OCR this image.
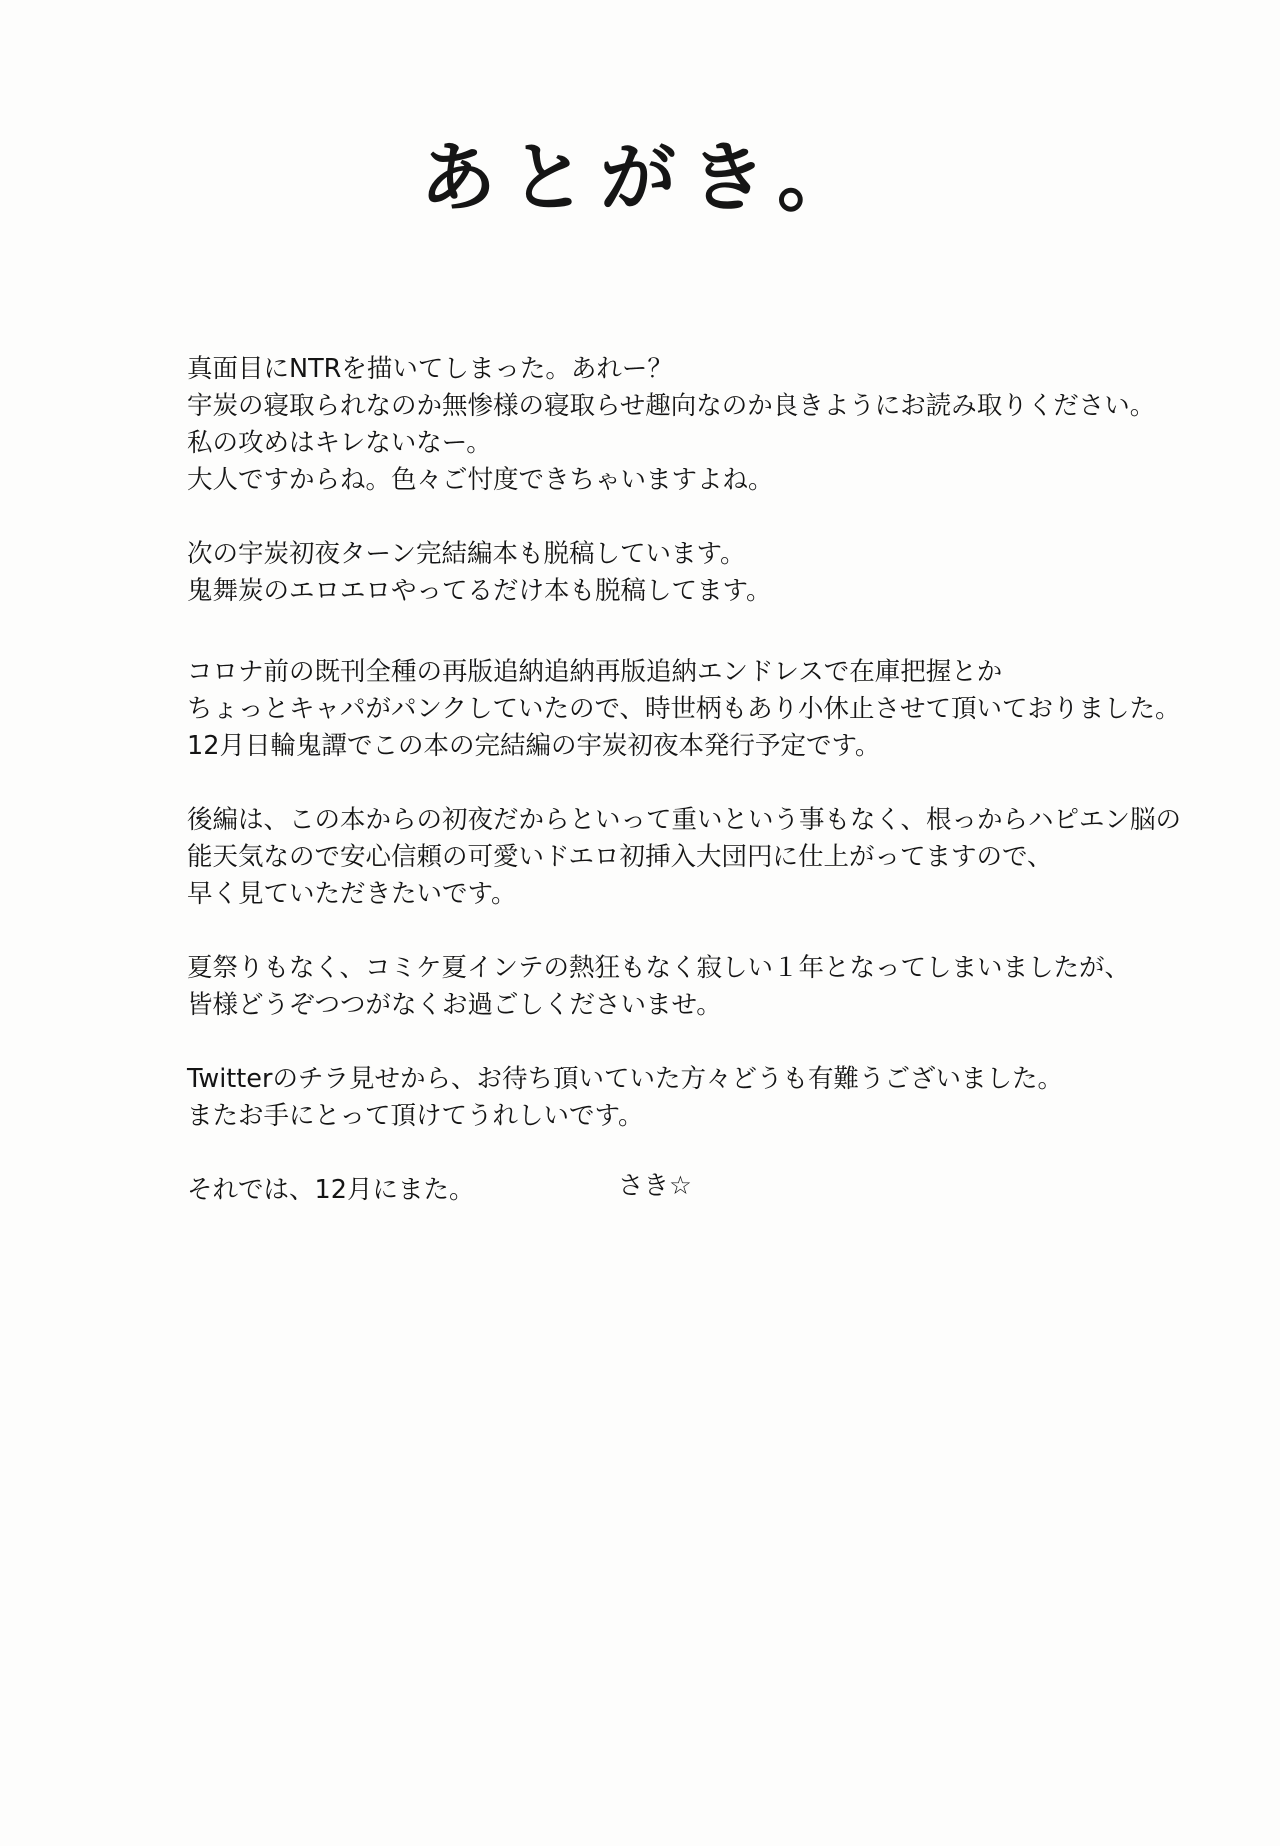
あとがき。
真面目にNTRを描いてしまった。あれー？
宇炭の寝取られなのか無惨様の寝取らせ趣向なのか良きようにお読み取りください。
私の攻めはキレないなー。
大人ですからね。色々ご忖度できちゃいますよね。
次の宇炭初夜ターン完結編本も脱稿しています。
鬼舞炭のエロエロやってるだけ本も脱稿してます。
コロナ前の既刊全種の再版追納追納再版追納エンドレスで在庫把握とか
ちょっとキャパがパンクしていたので、時世柄もあり小休止させて頂いておりました。
12月日輪鬼譚でこの本の完結編の宇炭初夜本発行予定です。
後編は、この本からの初夜だからといって重いという事もなく、根っからハピエン脳の
能天気なので安心信頼の可愛いドエロ初挿入大団円に仕上がってますので、
早く見ていただきたいです。
夏祭りもなく、コミケ夏インテの熱狂もなく寂しい１年となってしまいましたが、
皆様どうぞつつがなくお過ごしくださいませ。
Twitterのチラ見せから、お待ち頂いていた方々どうも有難うございました。
またお手にとって頂けてうれしいです。
それでは、12月にまた。	さき☆
